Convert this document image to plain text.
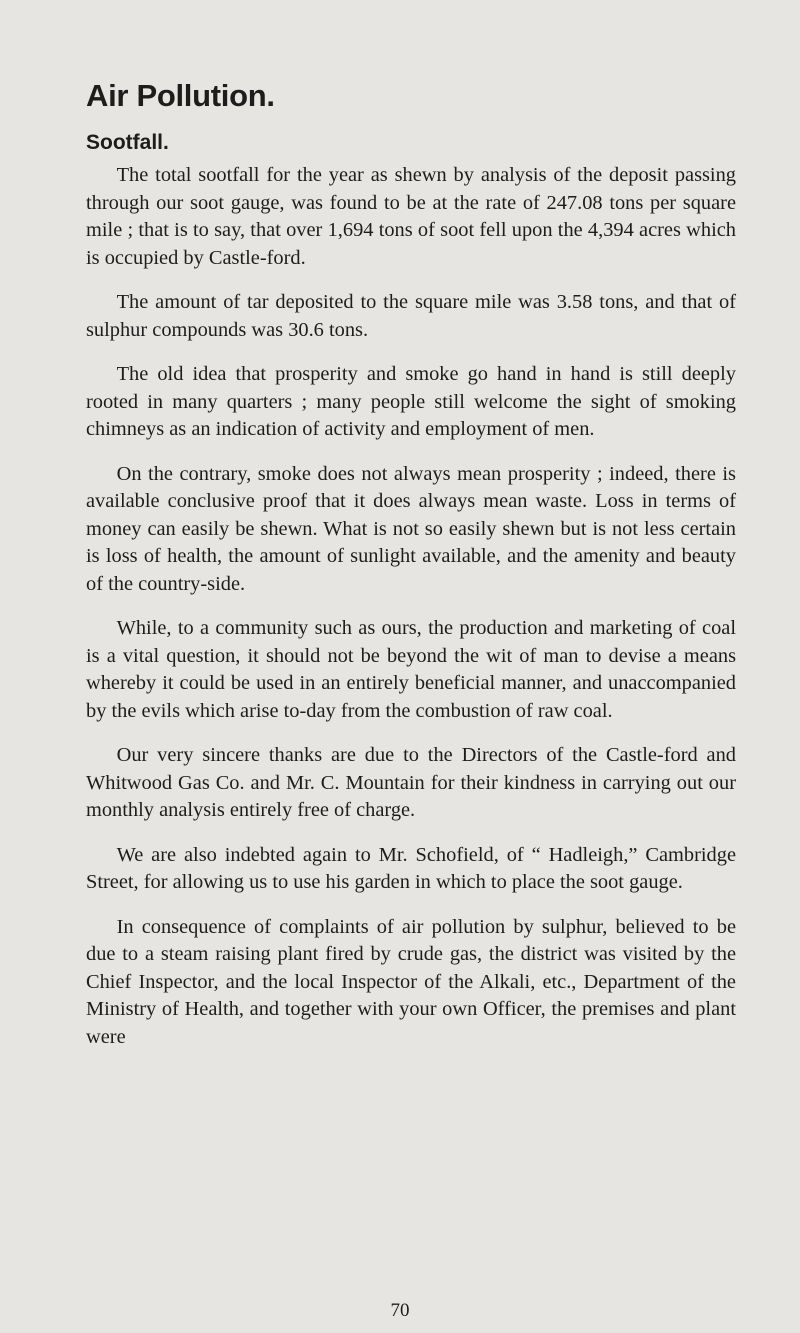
Air Pollution.
Sootfall.

The total sootfall for the year as shewn by analysis of the deposit passing through our soot gauge, was found to be at the rate of 247.08 tons per square mile ; that is to say, that over 1,694 tons of soot fell upon the 4,394 acres which is occupied by Castle-ford.

The amount of tar deposited to the square mile was 3.58 tons, and that of sulphur compounds was 30.6 tons.

The old idea that prosperity and smoke go hand in hand is still deeply rooted in many quarters ; many people still welcome the sight of smoking chimneys as an indication of activity and employment of men.

On the contrary, smoke does not always mean prosperity ; indeed, there is available conclusive proof that it does always mean waste. Loss in terms of money can easily be shewn. What is not so easily shewn but is not less certain is loss of health, the amount of sunlight available, and the amenity and beauty of the country-side.

While, to a community such as ours, the production and marketing of coal is a vital question, it should not be beyond the wit of man to devise a means whereby it could be used in an entirely beneficial manner, and unaccompanied by the evils which arise to-day from the combustion of raw coal.

Our very sincere thanks are due to the Directors of the Castle-ford and Whitwood Gas Co. and Mr. C. Mountain for their kindness in carrying out our monthly analysis entirely free of charge.

We are also indebted again to Mr. Schofield, of “ Hadleigh,” Cambridge Street, for allowing us to use his garden in which to place the soot gauge.

In consequence of complaints of air pollution by sulphur, believed to be due to a steam raising plant fired by crude gas, the district was visited by the Chief Inspector, and the local Inspector of the Alkali, etc., Department of the Ministry of Health, and together with your own Officer, the premises and plant were

70
